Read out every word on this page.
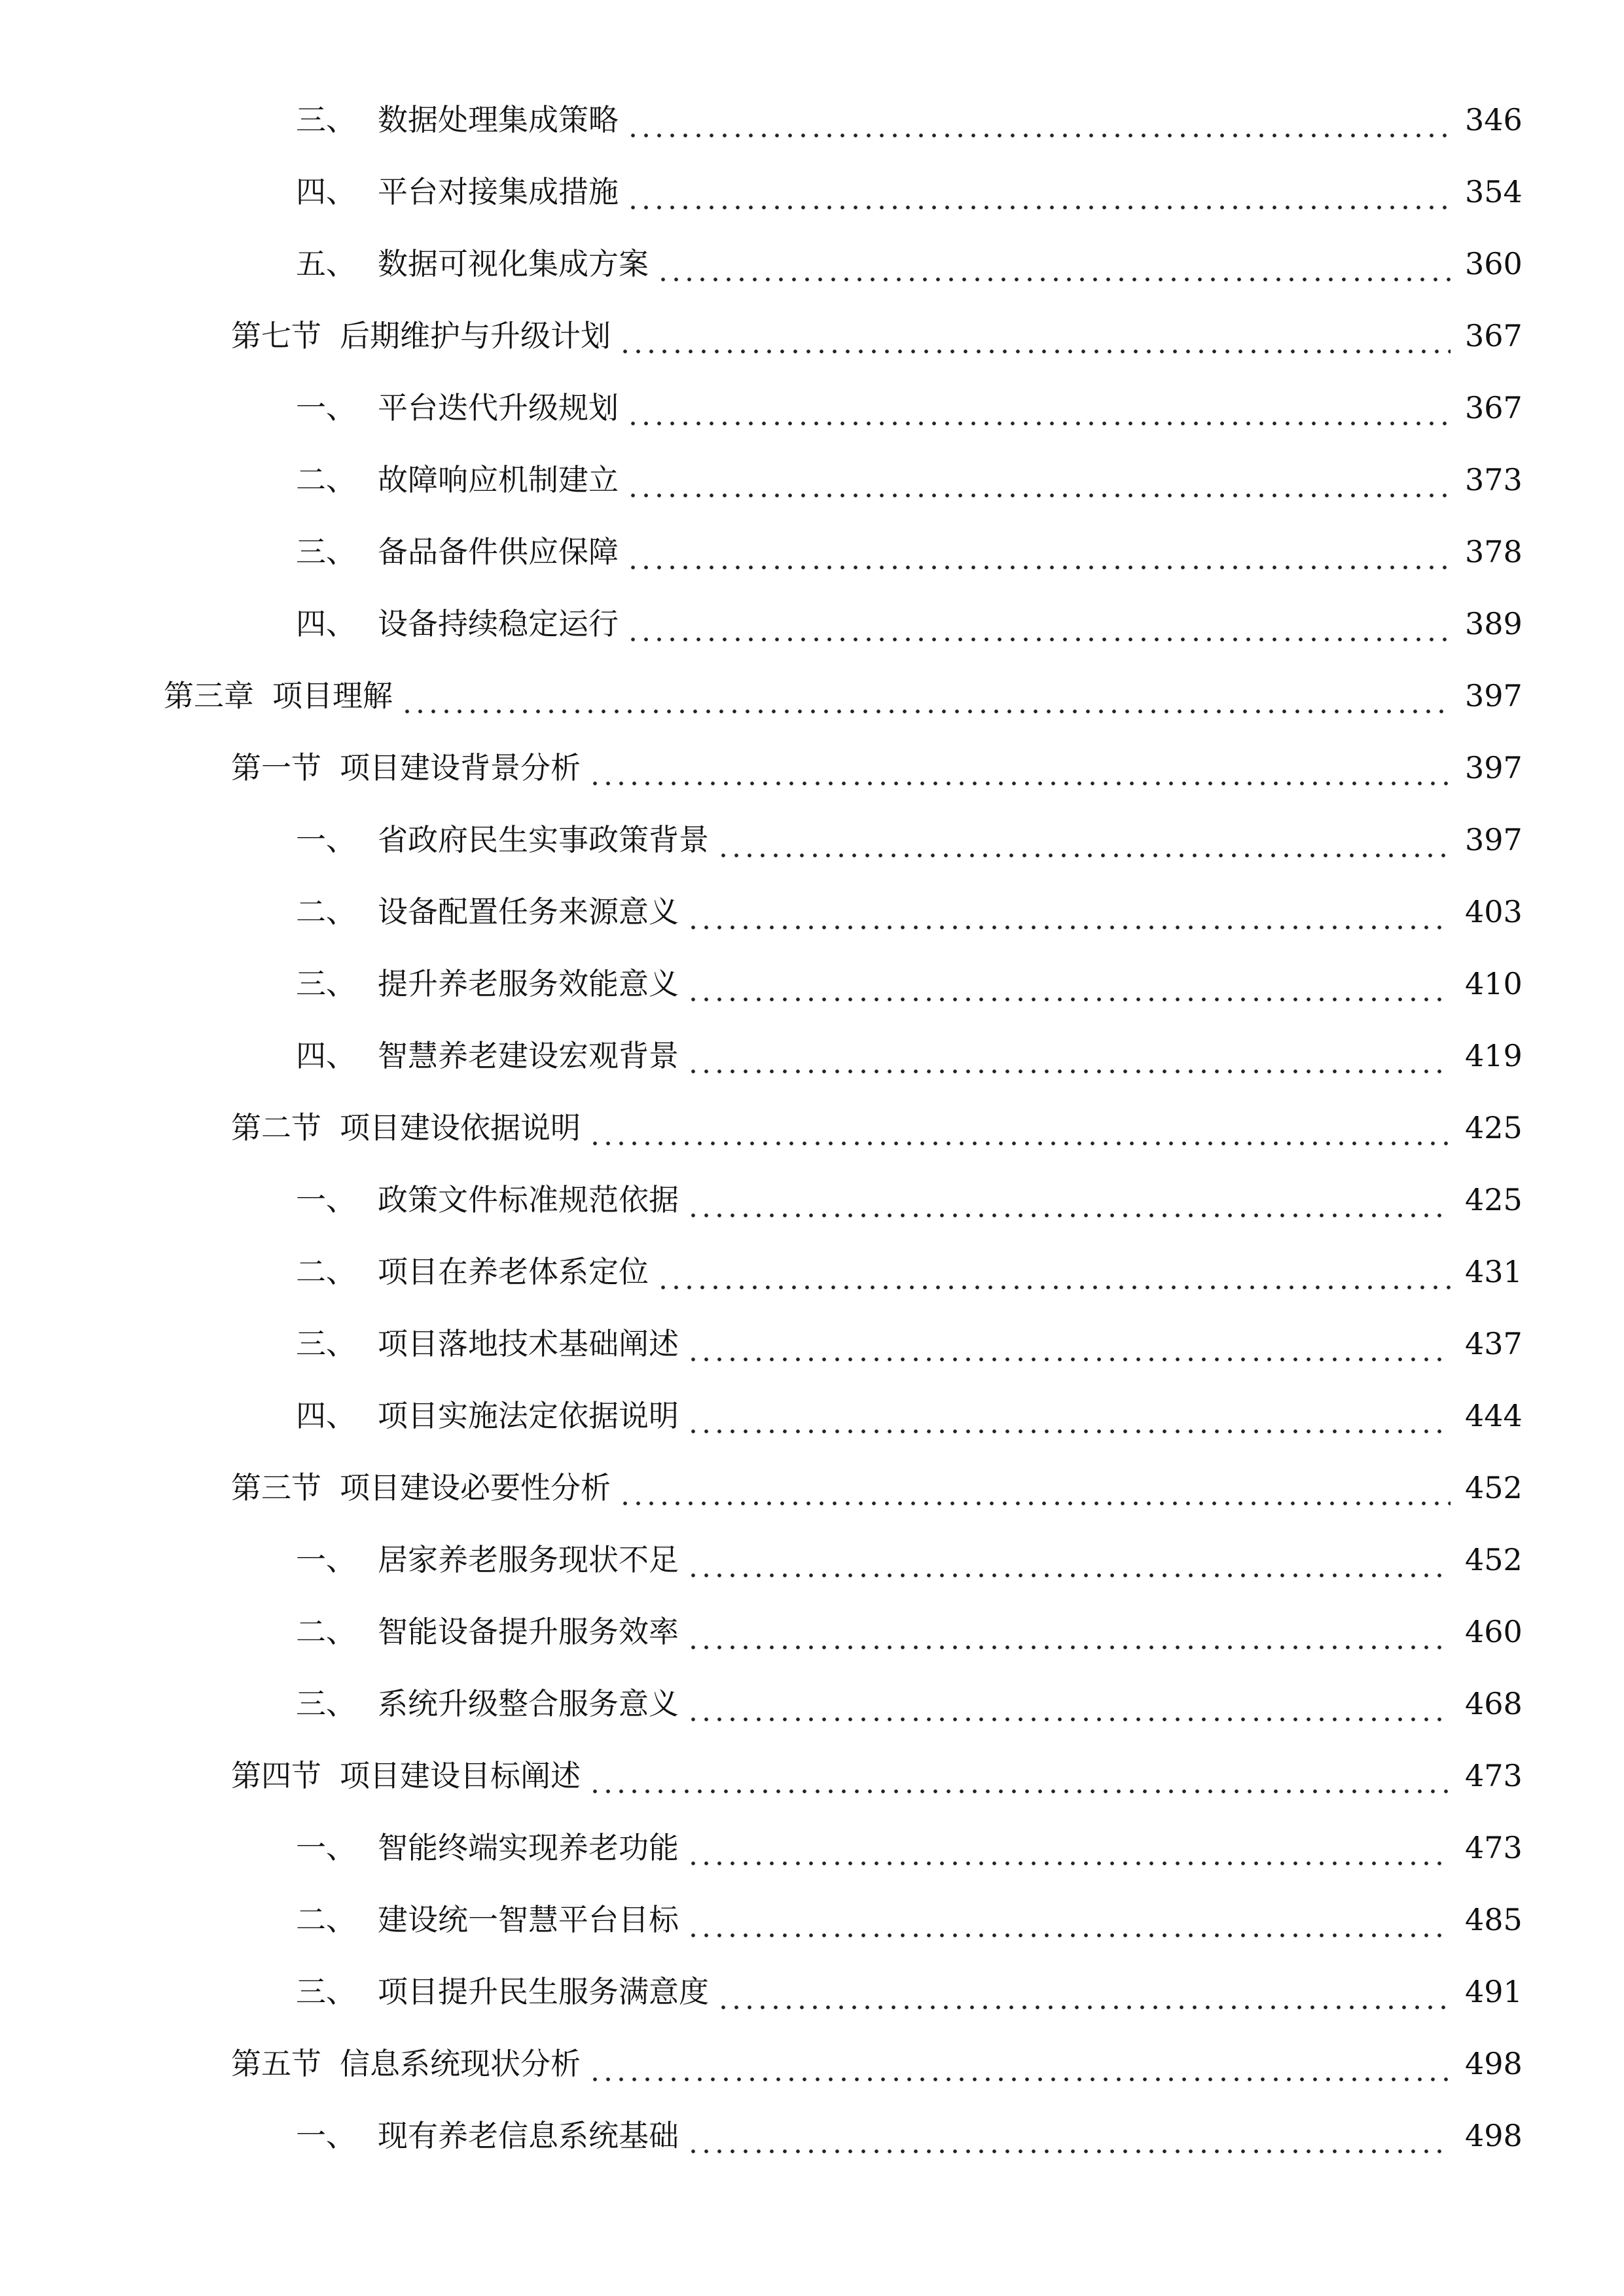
三、 数据处理集成策略	346
四、 平台对接集成措施	354
五、 数据可视化集成方案	360
第七节 后期维护与升级计划	367
一、 平台迭代升级规划	367
二、 故障响应机制建立	373
三、 备品备件供应保障	378
四、 设备持续稳定运行	389
第三章 项目理解	397
第一节 项目建设背景分析	397
一、 省政府民生实事政策背景	397
二、 设备配置任务来源意义	403
三、 提升养老服务效能意义	410
四、 智慧养老建设宏观背景	419
第二节 项目建设依据说明	425
一、 政策文件标准规范依据	425
二、 项目在养老体系定位	431
三、 项目落地技术基础阐述	437
四、 项目实施法定依据说明	444
第三节 项目建设必要性分析	452
一、 居家养老服务现状不足	452
二、 智能设备提升服务效率	460
三、 系统升级整合服务意义	468
第四节 项目建设目标阐述	473
一、 智能终端实现养老功能	473
二、 建设统一智慧平台目标	485
三、 项目提升民生服务满意度	491
第五节 信息系统现状分析	498
一、 现有养老信息系统基础	498
